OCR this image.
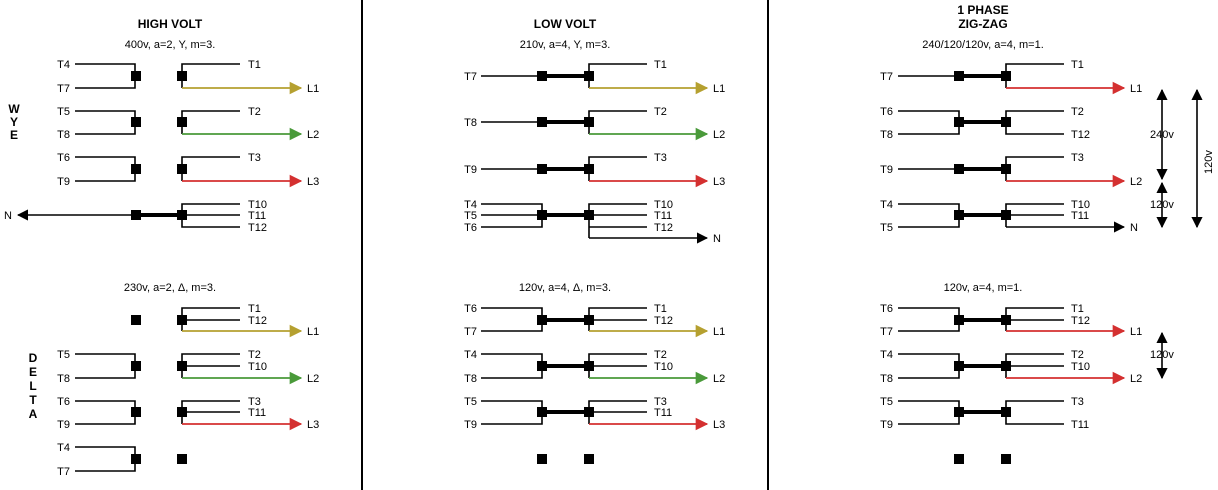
HIGH VOLT
400v, a=2, Y, m=3.
W
Y
E
T4
T7
T5
T8
T6
T9
T1
T2
T3
T10
T11
T12
L1
L2
L3
N
230v, a=2, Δ, m=3.
D
E
L
T
A
T5
T8
T6
T9
T4
T7
T1
T12
T2
T10
T3
T11
L1
L2
L3
LOW VOLT
210v, a=4, Y, m=3.
T7
T8
T9
T4
T5
T6
T1
T2
T3
T10
T11
T12
L1
L2
L3
N
120v, a=4, Δ, m=3.
T6
T7
T4
T8
T5
T9
T1
T12
T2
T10
T3
T11
L1
L2
L3
1 PHASE
ZIG-ZAG
240/120/120v, a=4, m=1.
T7
T6
T8
T9
T4
T5
T1
T2
T12
T3
T10
T11
L1
L2
N
240v
120v
120v
120v, a=4, m=1.
T6
T7
T4
T8
T5
T9
T1
T12
T2
T10
T3
T11
L1
L2
120v
